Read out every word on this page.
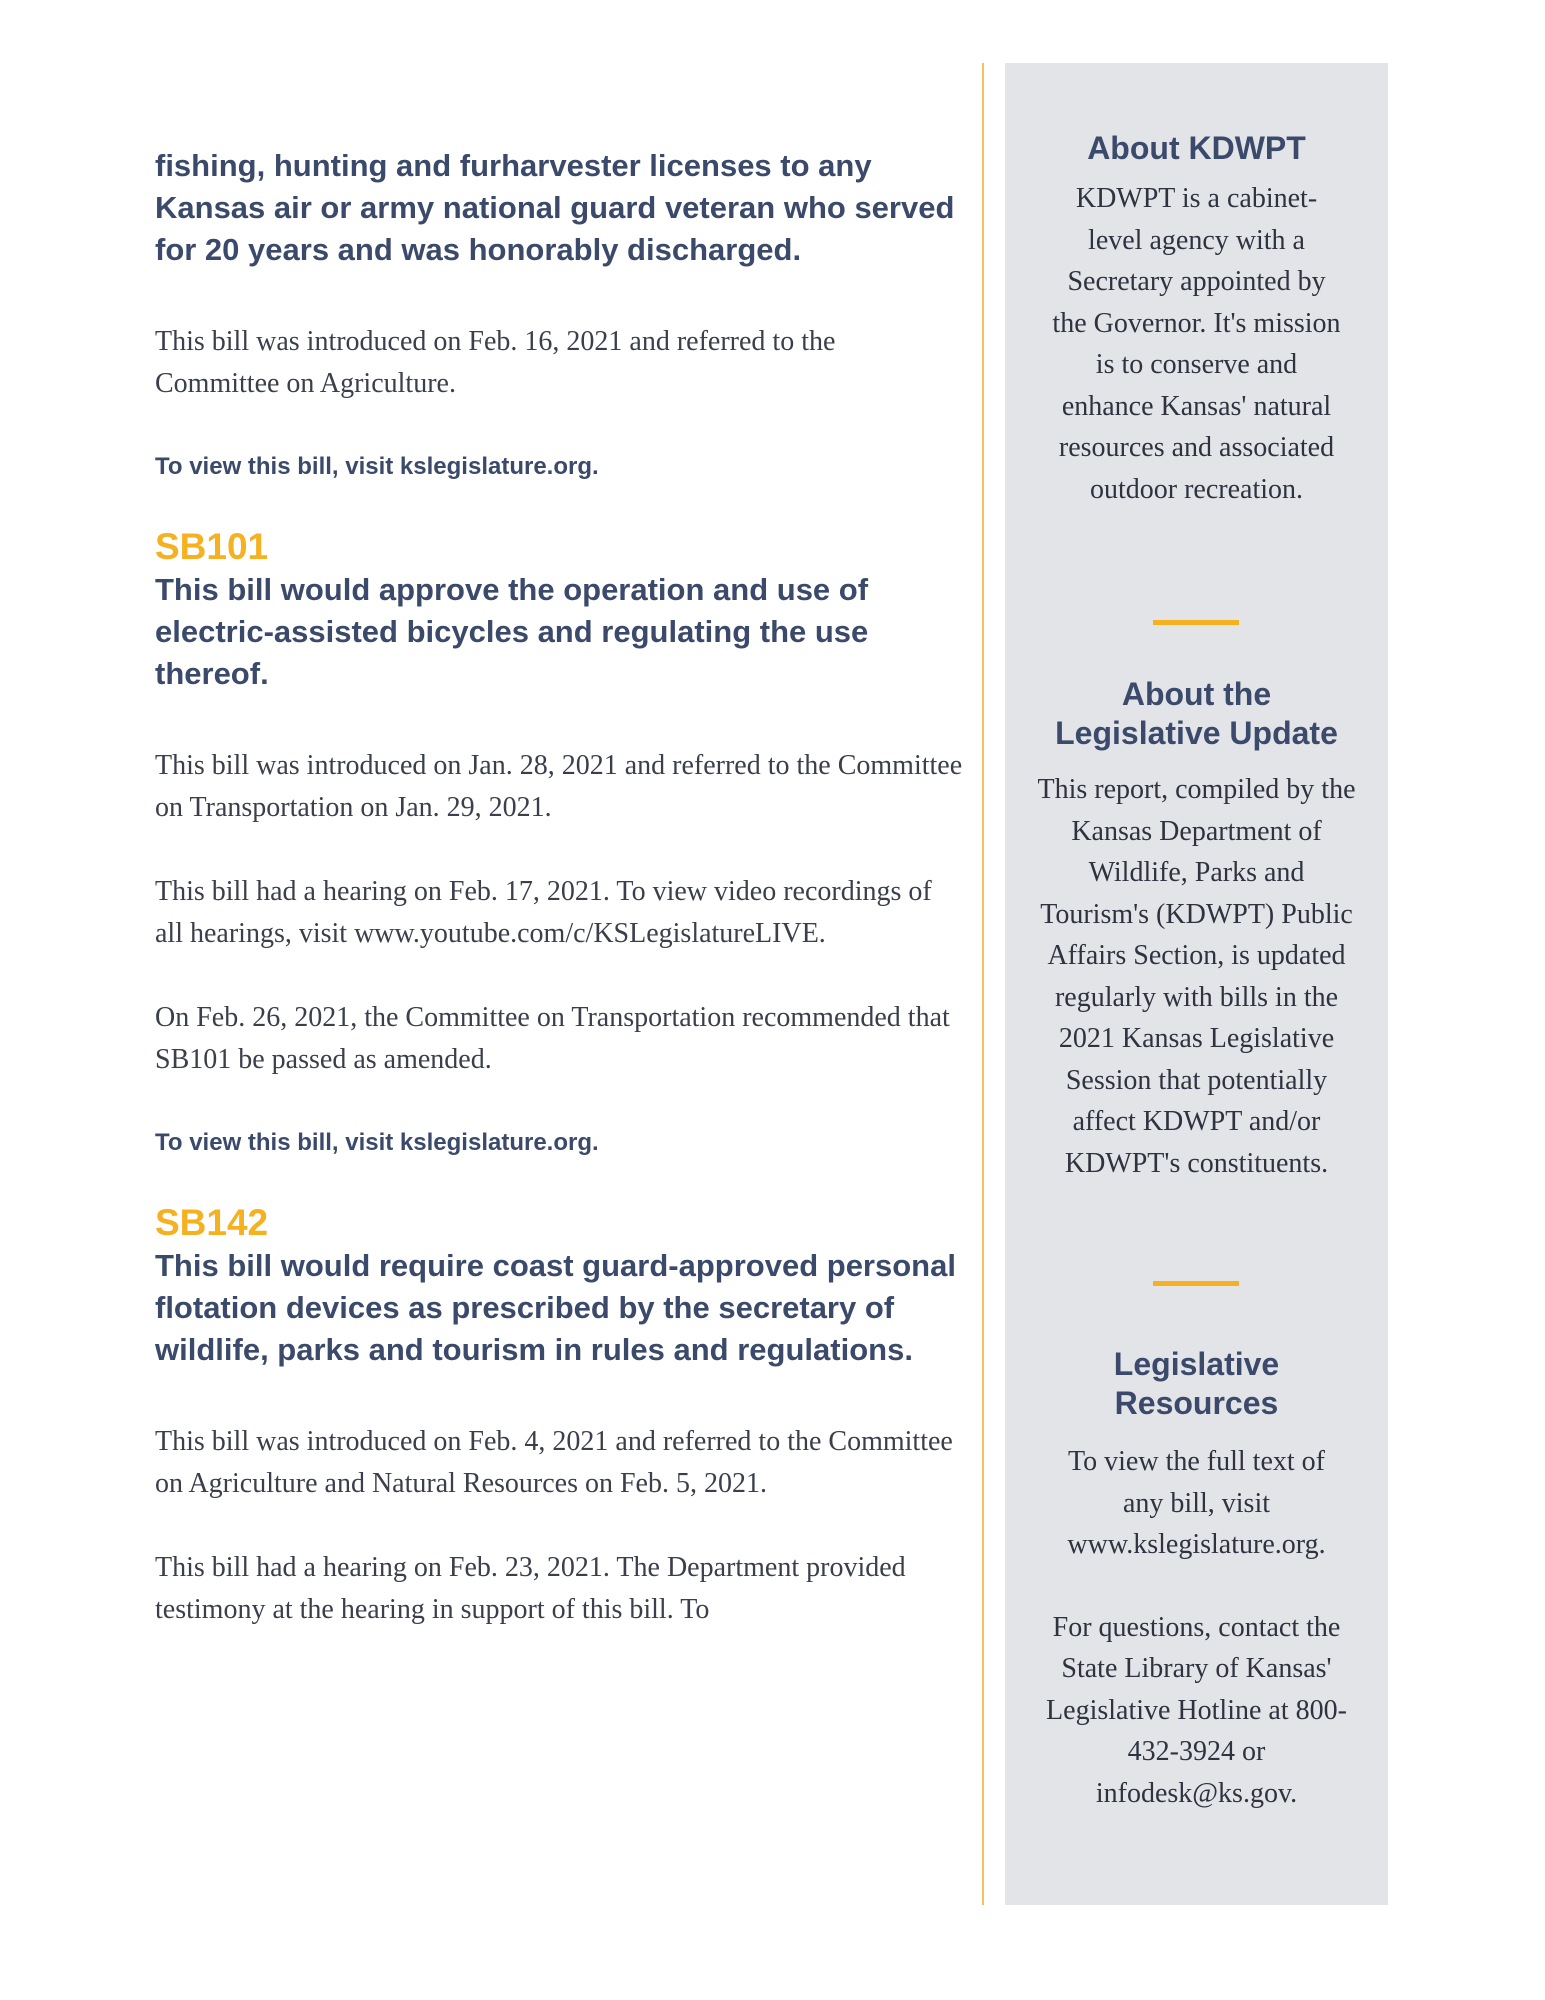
fishing, hunting and furharvester licenses to any Kansas air or army national guard veteran who served for 20 years and was honorably discharged.

This bill was introduced on Feb. 16, 2021 and referred to the Committee on Agriculture.

To view this bill, visit kslegislature.org.

SB101

This bill would approve the operation and use of electric-assisted bicycles and regulating the use thereof.

This bill was introduced on Jan. 28, 2021 and referred to the Committee on Transportation on Jan. 29, 2021.

This bill had a hearing on Feb. 17, 2021. To view video recordings of all hearings, visit www.youtube.com/c/KSLegislatureLIVE.

On Feb. 26, 2021, the Committee on Transportation recommended that SB101 be passed as amended.

To view this bill, visit kslegislature.org.

SB142

This bill would require coast guard-approved personal flotation devices as prescribed by the secretary of wildlife, parks and tourism in rules and regulations.

This bill was introduced on Feb. 4, 2021 and referred to the Committee on Agriculture and Natural Resources on Feb. 5, 2021.

This bill had a hearing on Feb. 23, 2021. The Department provided testimony at the hearing in support of this bill. To

About KDWPT

KDWPT is a cabinet-level agency with a Secretary appointed by the Governor. It's mission is to conserve and enhance Kansas' natural resources and associated outdoor recreation.

About the Legislative Update

This report, compiled by the Kansas Department of Wildlife, Parks and Tourism's (KDWPT) Public Affairs Section, is updated regularly with bills in the 2021 Kansas Legislative Session that potentially affect KDWPT and/or KDWPT's constituents.

Legislative Resources

To view the full text of any bill, visit www.kslegislature.org.

For questions, contact the State Library of Kansas' Legislative Hotline at 800-432-3924 or infodesk@ks.gov.
